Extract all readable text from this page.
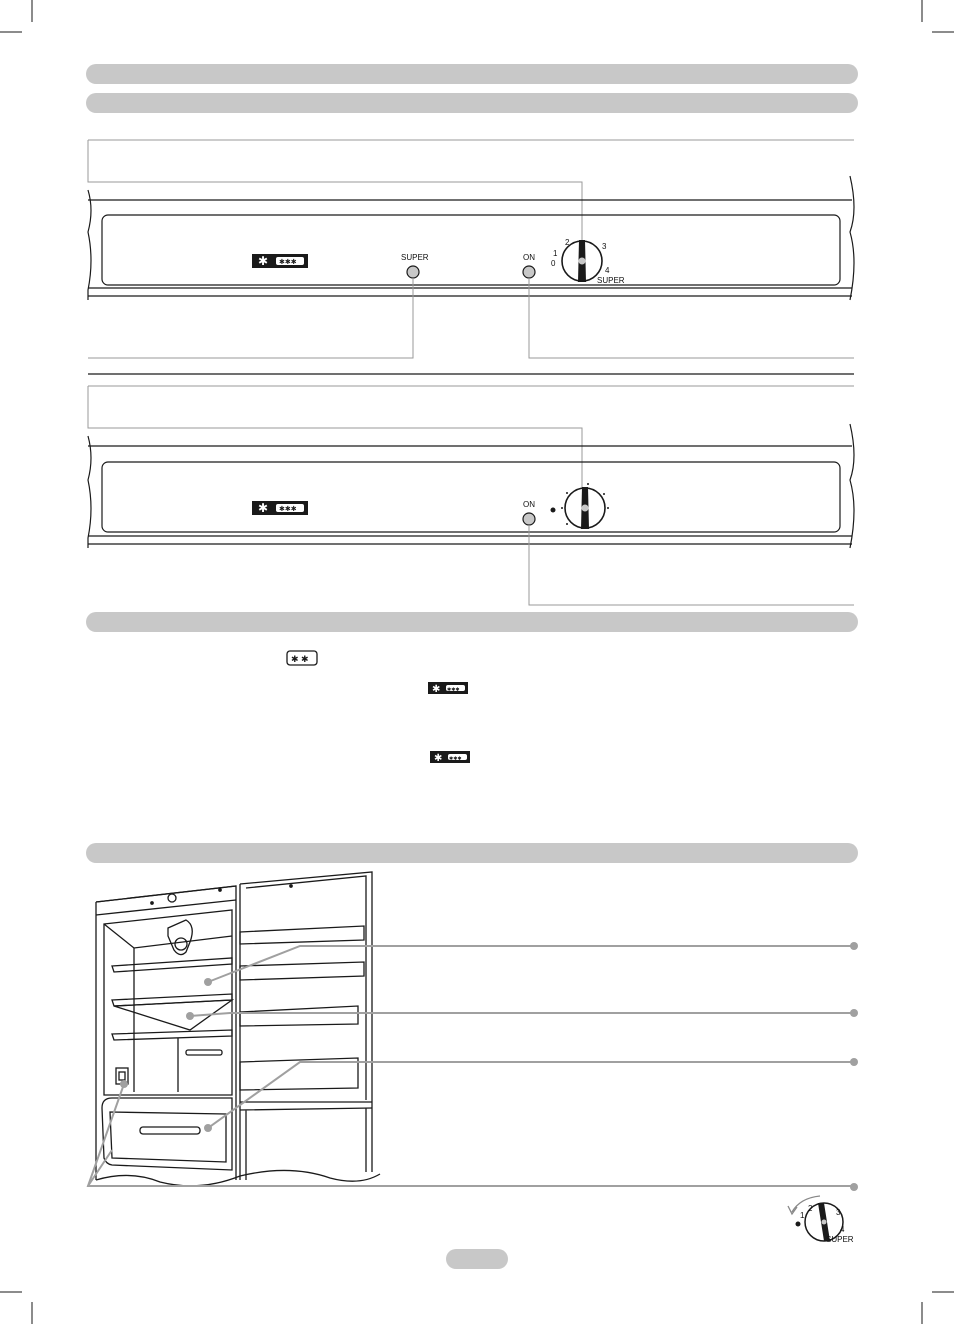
✱ ✱✱✱
SUPER	ON
0
1
2	3
4
SUPER
✱ ✱✱✱
ON
✱ ✱
✱ ✱✱✱
✱ ✱✱✱
1
2	3
4
SUPER
